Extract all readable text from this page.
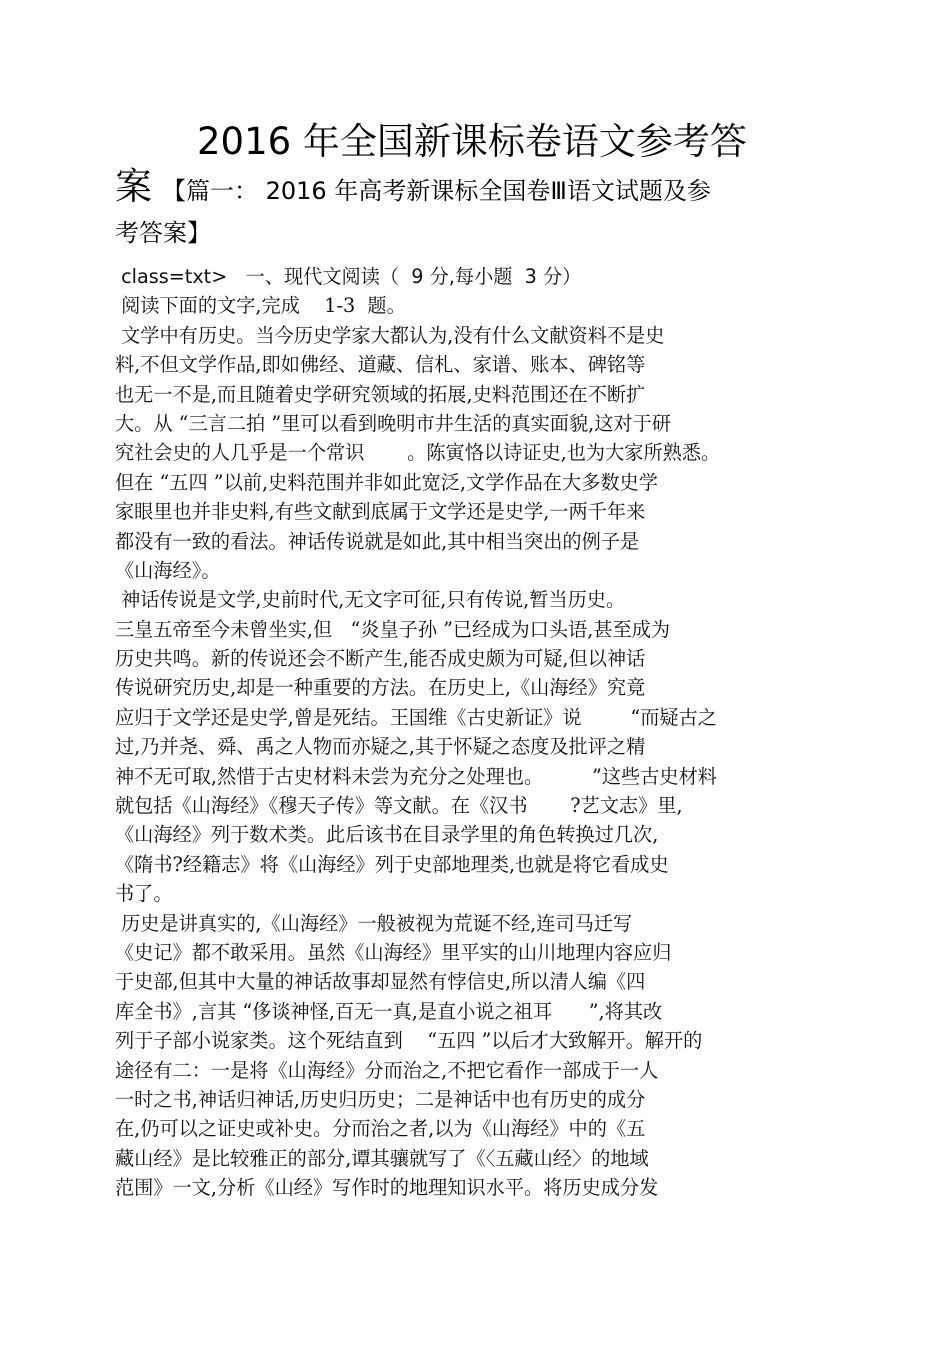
2016 年全国新课标卷语文参考答
案 【篇一： 2016 年高考新课标全国卷Ⅲ语文试题及参
考答案】
class=txt>   一、现代文阅读（  9 分,每小题  3 分）
阅读下面的文字,完成    1-3  题。
文学中有历史。当今历史学家大都认为,没有什么文献资料不是史
料,不但文学作品,即如佛经、道藏、信札、家谱、账本、碑铭等
也无一不是,而且随着史学研究领域的拓展,史料范围还在不断扩
大。从 “三言二拍 ”里可以看到晚明市井生活的真实面貌,这对于研
究社会史的人几乎是一个常识       。陈寅恪以诗证史,也为大家所熟悉。
但在 “五四 ”以前,史料范围并非如此宽泛,文学作品在大多数史学
家眼里也并非史料,有些文献到底属于文学还是史学,一两千年来
都没有一致的看法。神话传说就是如此,其中相当突出的例子是
《山海经》。
神话传说是文学,史前时代,无文字可征,只有传说,暂当历史。
三皇五帝至今未曾坐实,但   “炎皇子孙 ”已经成为口头语,甚至成为
历史共鸣。新的传说还会不断产生,能否成史颇为可疑,但以神话
传说研究历史,却是一种重要的方法。在历史上,《山海经》究竟
应归于文学还是史学,曾是死结。王国维《古史新证》说        “而疑古之
过,乃并尧、舜、禹之人物而亦疑之,其于怀疑之态度及批评之精
神不无可取,然惜于古史材料未尝为充分之处理也。        ”这些古史材料
就包括《山海经》《穆天子传》等文献。在《汉书       ?艺文志》里,
《山海经》列于数术类。此后该书在目录学里的角色转换过几次,
《隋书?经籍志》将《山海经》列于史部地理类,也就是将它看成史
书了。
历史是讲真实的,《山海经》一般被视为荒诞不经,连司马迁写
《史记》都不敢采用。虽然《山海经》里平实的山川地理内容应归
于史部,但其中大量的神话故事却显然有悖信史,所以清人编《四
库全书》,言其 “侈谈神怪,百无一真,是直小说之祖耳      ”,将其改
列于子部小说家类。这个死结直到    “五四 ”以后才大致解开。解开的
途径有二：一是将《山海经》分而治之,不把它看作一部成于一人
一时之书,神话归神话,历史归历史；二是神话中也有历史的成分
在,仍可以之证史或补史。分而治之者,以为《山海经》中的《五
藏山经》是比较雅正的部分,谭其骧就写了《〈五藏山经〉的地域
范围》一文,分析《山经》写作时的地理知识水平。将历史成分发
